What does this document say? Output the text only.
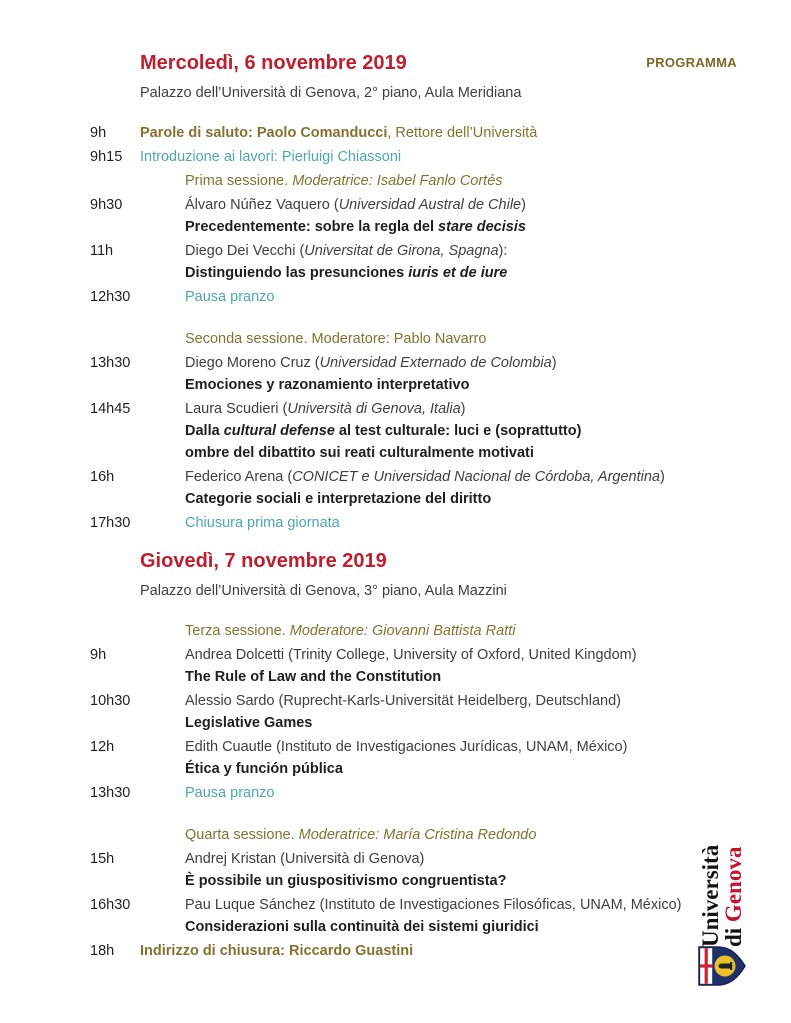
PROGRAMMA
Mercoledì, 6 novembre 2019

Palazzo dell’Università di Genova, 2° piano, Aula Meridiana

9h Parole di saluto: Paolo Comanducci, Rettore dell’Università
9h15 Introduzione ai lavori: Pierluigi Chiassoni
Prima sessione. Moderatrice: Isabel Fanlo Cortés
9h30	Álvaro Núñez Vaquero (Universidad Austral de Chile)
Precedentemente: sobre la regla del stare decisis
11h	Diego Dei Vecchi (Universitat de Girona, Spagna):
Distinguiendo las presunciones iuris et de iure
12h30	Pausa pranzo
Seconda sessione. Moderatore: Pablo Navarro
13h30	Diego Moreno Cruz (Universidad Externado de Colombia)
Emociones y razonamiento interpretativo
14h45	Laura Scudieri (Università di Genova, Italia)
Dalla cultural defense al test culturale: luci e (soprattutto)
ombre del dibattito sui reati culturalmente motivati
16h	Federico Arena (CONICET e Universidad Nacional de Córdoba, Argentina)
Categorie sociali e interpretazione del diritto
17h30	Chiusura prima giornata
Giovedì, 7 novembre 2019

Palazzo dell’Università di Genova, 3° piano, Aula Mazzini

Terza sessione. Moderatore: Giovanni Battista Ratti
9h	Andrea Dolcetti (Trinity College, University of Oxford, United Kingdom)
The Rule of Law and the Constitution
10h30	Alessio Sardo (Ruprecht-Karls-Universität Heidelberg, Deutschland)
Legislative Games
12h	Edith Cuautle (Instituto de Investigaciones Jurídicas, UNAM, México)
Ética y función pública
13h30	Pausa pranzo
Quarta sessione. Moderatrice: María Cristina Redondo
15h	Andrej Kristan (Università di Genova)
È possibile un giuspositivismo congruentista?
16h30	Pau Luque Sánchez (Instituto de Investigaciones Filosóficas, UNAM, México)
Considerazioni sulla continuità dei sistemi giuridici
18h Indirizzo di chiusura: Riccardo Guastini
Università
di Genova
